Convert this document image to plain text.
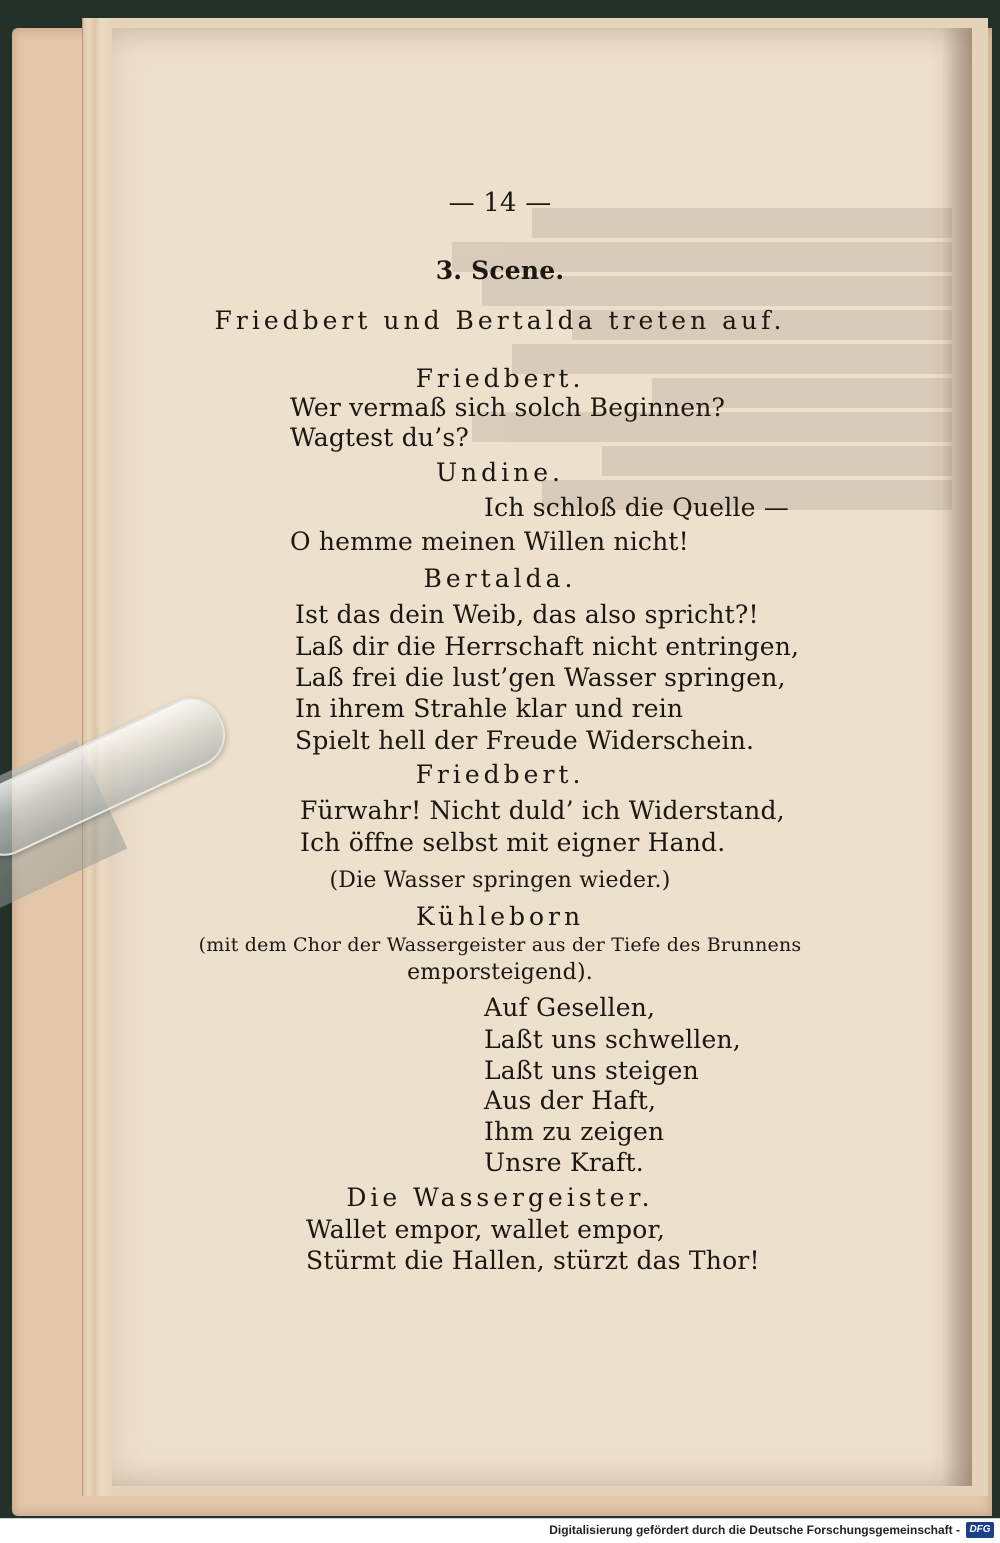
— 14 —
3. Scene.
Friedbert und Bertalda treten auf.
Friedbert.
Wer vermaß sich solch Beginnen?
Wagtest du’s?
Undine.
Ich schloß die Quelle —
O hemme meinen Willen nicht!
Bertalda.
Ist das dein Weib, das also spricht?!
Laß dir die Herrschaft nicht entringen,
Laß frei die lust’gen Wasser springen,
In ihrem Strahle klar und rein
Spielt hell der Freude Widerschein.
Friedbert.
Fürwahr! Nicht duld’ ich Widerstand,
Ich öffne selbst mit eigner Hand.
(Die Wasser springen wieder.)
Kühleborn
(mit dem Chor der Wassergeister aus der Tiefe des Brunnens
emporsteigend).
Auf Gesellen,
Laßt uns schwellen,
Laßt uns steigen
Aus der Haft,
Ihm zu zeigen
Unsre Kraft.
Die Wassergeister.
Wallet empor, wallet empor,
Stürmt die Hallen, stürzt das Thor!
Digitalisierung gefördert durch die Deutsche Forschungsgemeinschaft - DFG
